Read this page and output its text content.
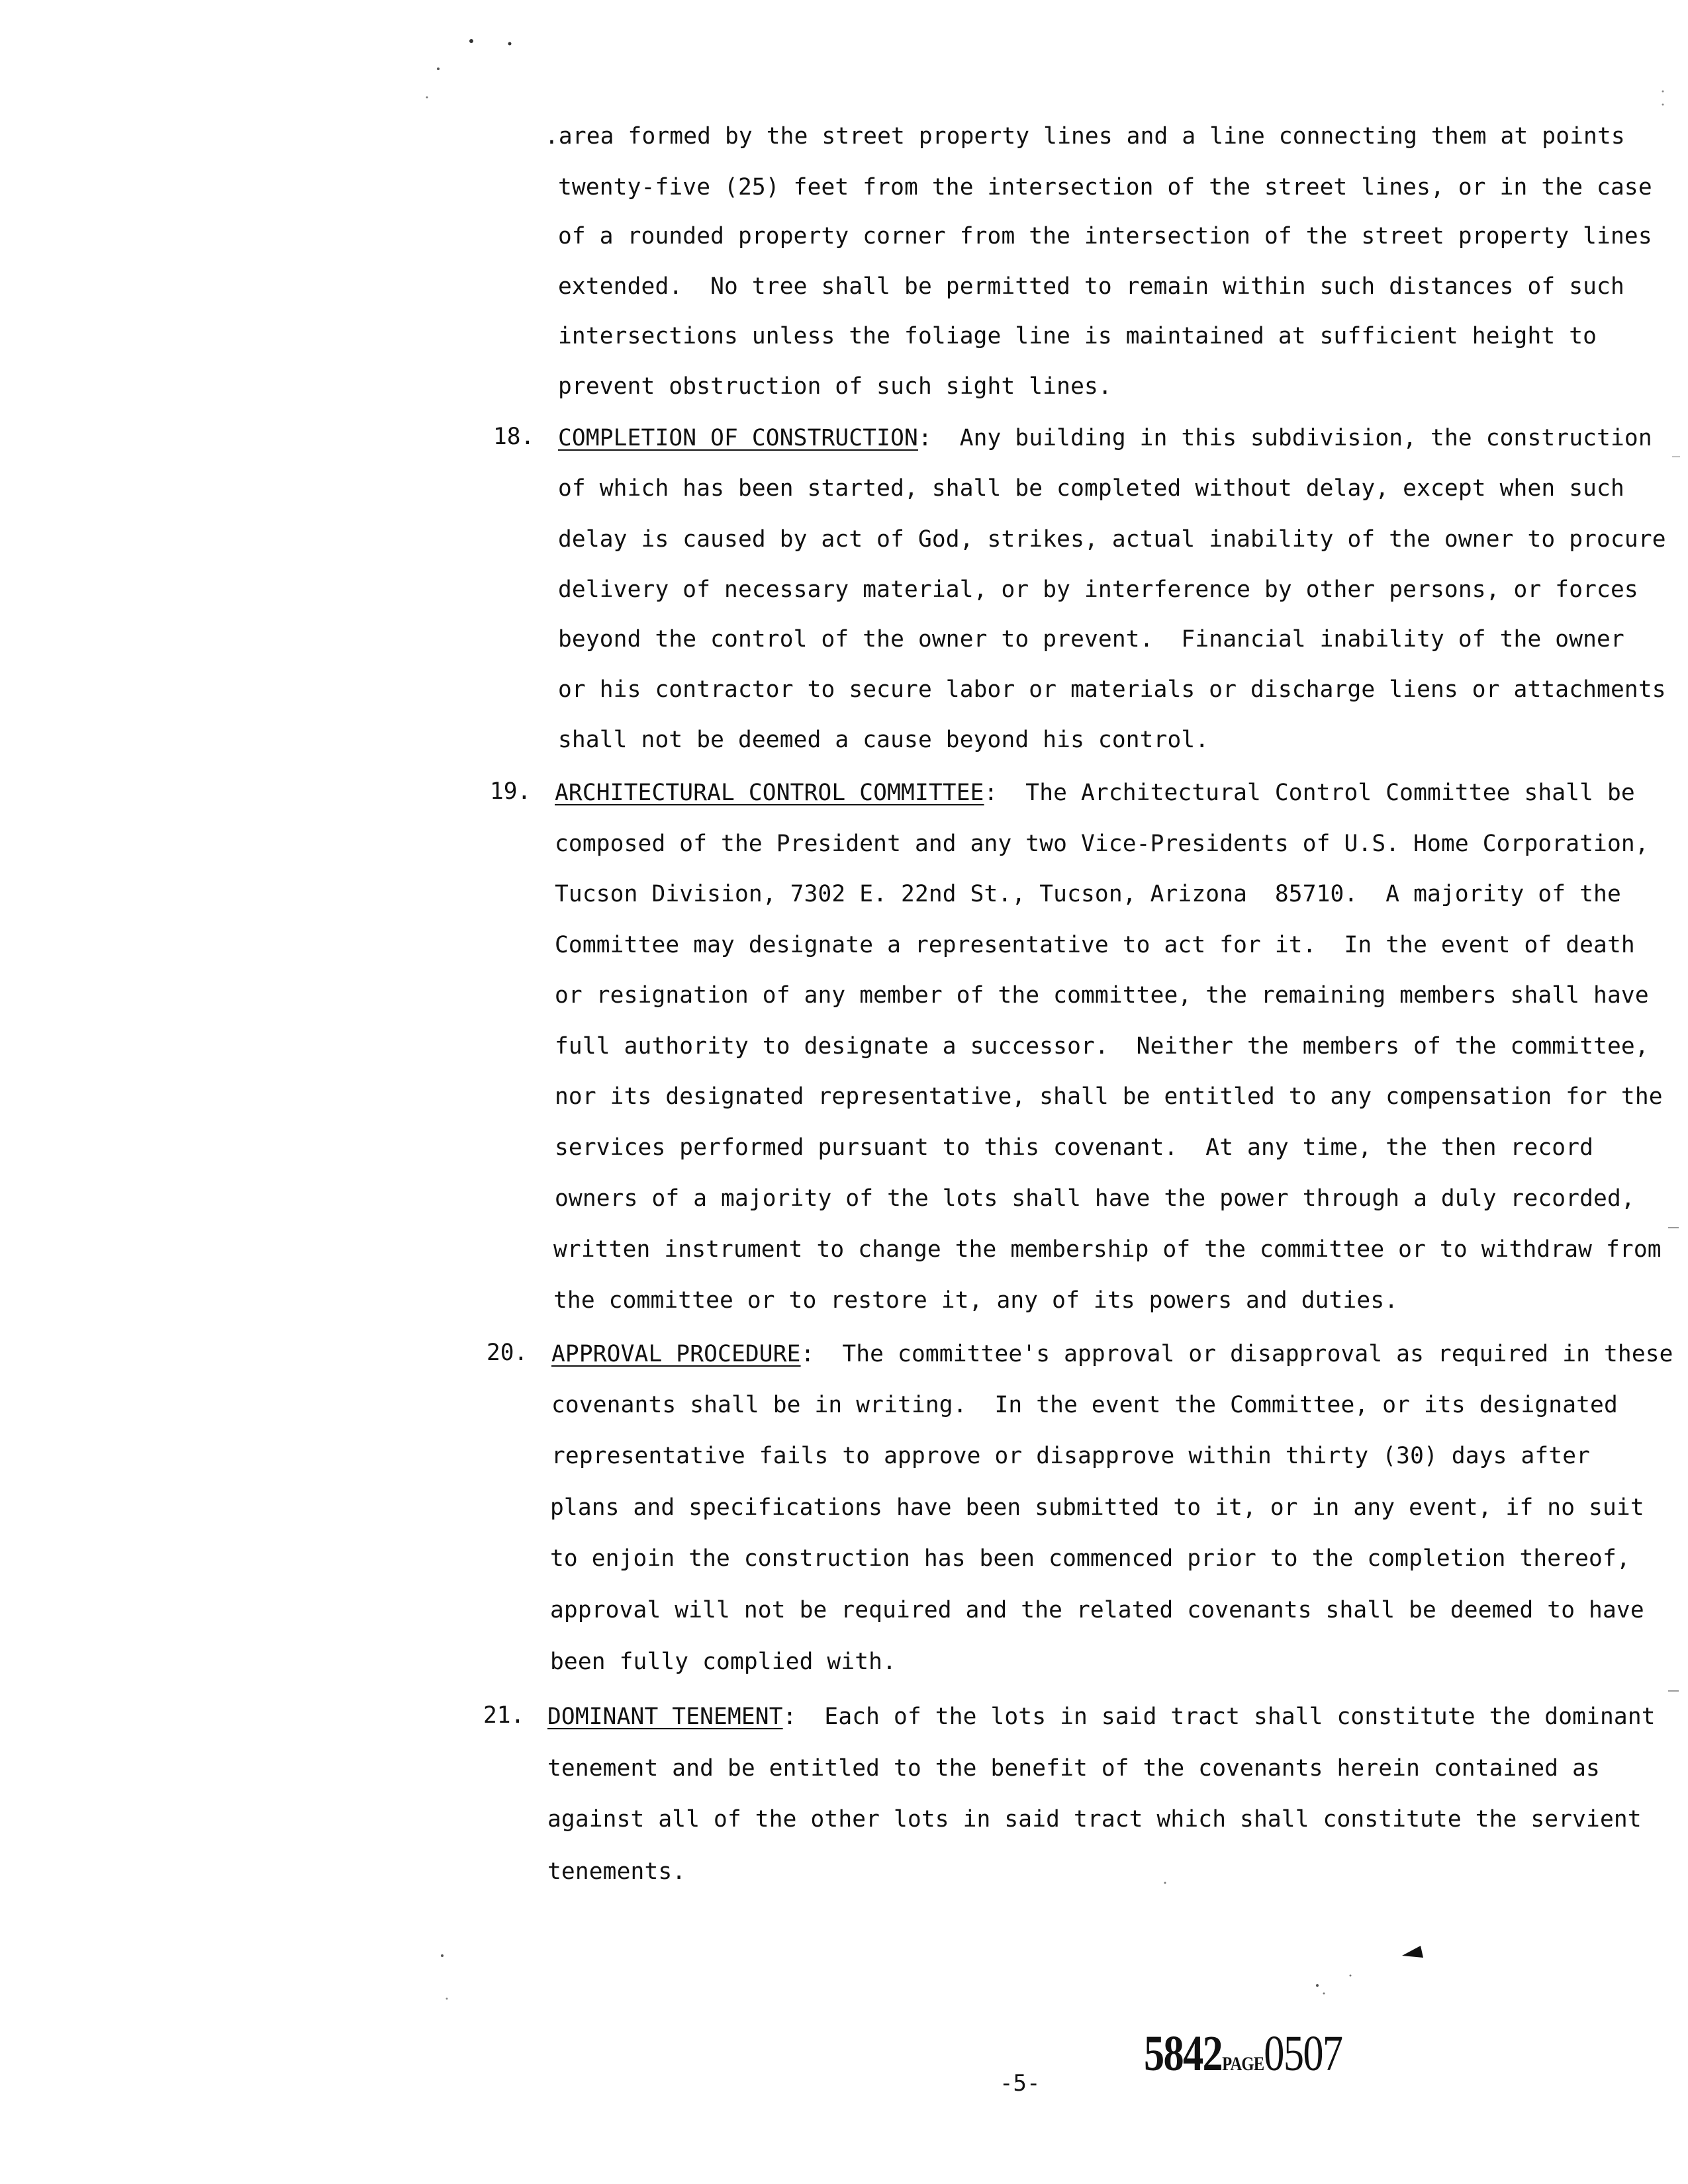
.area formed by the street property lines and a line connecting them at points
twenty-five (25) feet from the intersection of the street lines, or in the case
of a rounded property corner from the intersection of the street property lines
extended.  No tree shall be permitted to remain within such distances of such
intersections unless the foliage line is maintained at sufficient height to
prevent obstruction of such sight lines.
18. COMPLETION OF CONSTRUCTION:  Any building in this subdivision, the construction
of which has been started, shall be completed without delay, except when such
delay is caused by act of God, strikes, actual inability of the owner to procure
delivery of necessary material, or by interference by other persons, or forces
beyond the control of the owner to prevent.  Financial inability of the owner
or his contractor to secure labor or materials or discharge liens or attachments
shall not be deemed a cause beyond his control.
19. ARCHITECTURAL CONTROL COMMITTEE:  The Architectural Control Committee shall be
composed of the President and any two Vice-Presidents of U.S. Home Corporation,
Tucson Division, 7302 E. 22nd St., Tucson, Arizona  85710.  A majority of the
Committee may designate a representative to act for it.  In the event of death
or resignation of any member of the committee, the remaining members shall have
full authority to designate a successor.  Neither the members of the committee,
nor its designated representative, shall be entitled to any compensation for the
services performed pursuant to this covenant.  At any time, the then record
owners of a majority of the lots shall have the power through a duly recorded,
written instrument to change the membership of the committee or to withdraw from
the committee or to restore it, any of its powers and duties.
20. APPROVAL PROCEDURE:  The committee's approval or disapproval as required in these
covenants shall be in writing.  In the event the Committee, or its designated
representative fails to approve or disapprove within thirty (30) days after
plans and specifications have been submitted to it, or in any event, if no suit
to enjoin the construction has been commenced prior to the completion thereof,
approval will not be required and the related covenants shall be deemed to have
been fully complied with.
21. DOMINANT TENEMENT:  Each of the lots in said tract shall constitute the dominant
tenement and be entitled to the benefit of the covenants herein contained as
against all of the other lots in said tract which shall constitute the servient
tenements.
-5-
5842PAGE0507
